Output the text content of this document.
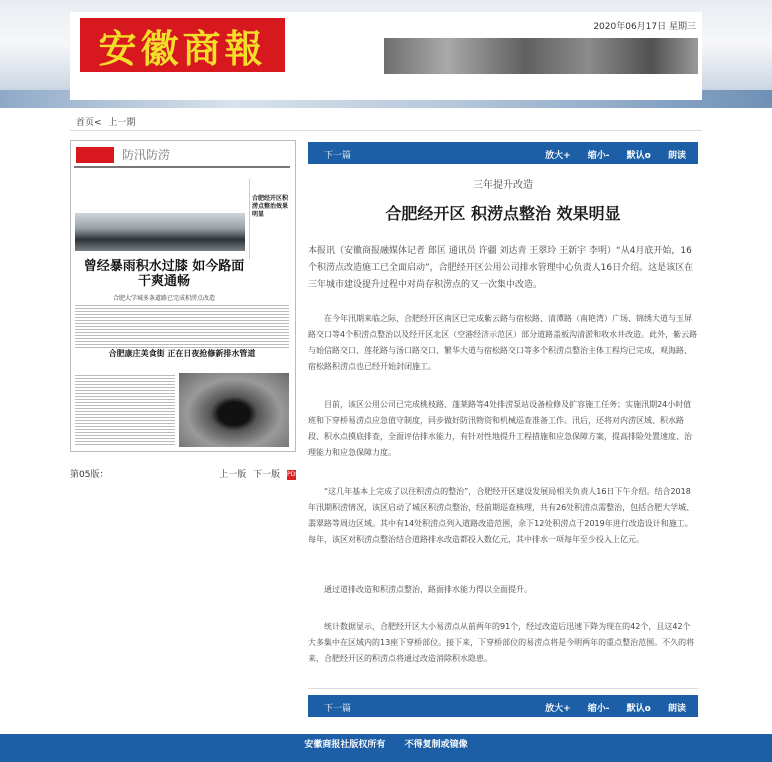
安徽商報	2020年06月17日 星期三
首页< 上一期
防汛防涝
合肥经开区积涝点整治效果明显
曾经暴雨积水过膝 如今路面干爽通畅
合肥大学城多条道路已完成积涝点改造
合肥康庄美食街 正在日夜抢修新排水管道
第05版：	上一版 下一版 PDF
下一篇	放大+ 缩小- 默认o 朗读
三年提升改造
合肥经开区 积涝点整治 效果明显

本报讯（安徽商报融媒体记者 郎匡 通讯员 许疆 刘达青 王翠玲 王新宇 李明）“从4月底开始，16个积涝点改造施工已全面启动”，合肥经开区公用公司排水管理中心负责人16日介绍。这是该区在三年城市建设提升过程中对尚存积涝点的又一次集中改造。

在今年汛期来临之际，合肥经开区南区已完成紫云路与宿松路、清潭路（南艳湾）广场、锦绣大道与玉屏路交口等4个积涝点整治以及经开区北区（空港经济示范区）部分道路盖板沟清淤和收水井改造。此外，紫云路与始信路交口、莲花路与汤口路交口、繁华大道与宿松路交口等多个积涝点整治主体工程均已完成，观海路、宿松路积涝点也已经开始封闭施工。

目前，该区公用公司已完成桃枝路、蓬莱路等4处排涝泵站设备检修及扩容施工任务；实施汛期24小时值班和下穿桥易涝点应急值守制度，同步做好防汛物资和机械巡查准备工作。汛后，还将对内涝区域、积水路段、积水点摸底排查，全面评估排水能力，有针对性地提升工程措施和应急保障方案，提高排险处置速度、治理能力和应急保障力度。

“这几年基本上完成了以往积涝点的整治”，合肥经开区建设发展局相关负责人16日下午介绍。结合2018年汛期积涝情况，该区启动了城区积涝点整治，经前期巡查核理，共有26处积涝点需整治，包括合肥大学城、翡翠路等周边区域。其中有14处积涝点列入道路改造范围，余下12处积涝点于2019年进行改造设计和施工。每年，该区对积涝点整治结合道路排水改造都投入数亿元，其中排水一项每年至少投入上亿元。

通过道排改造和积涝点整治，路面排水能力得以全面提升。

统计数据显示，合肥经开区大小易涝点从前两年的91个，经过改造后迅速下降为现在的42个，且这42个大多集中在区域内的13座下穿桥部位。接下来，下穿桥部位的易涝点将是今明两年的重点整治范围。不久的将来，合肥经开区的积涝点将通过改造消除积水隐患。

下一篇	放大+ 缩小- 默认o 朗读
安徽商报社版权所有 不得复制或镜像
